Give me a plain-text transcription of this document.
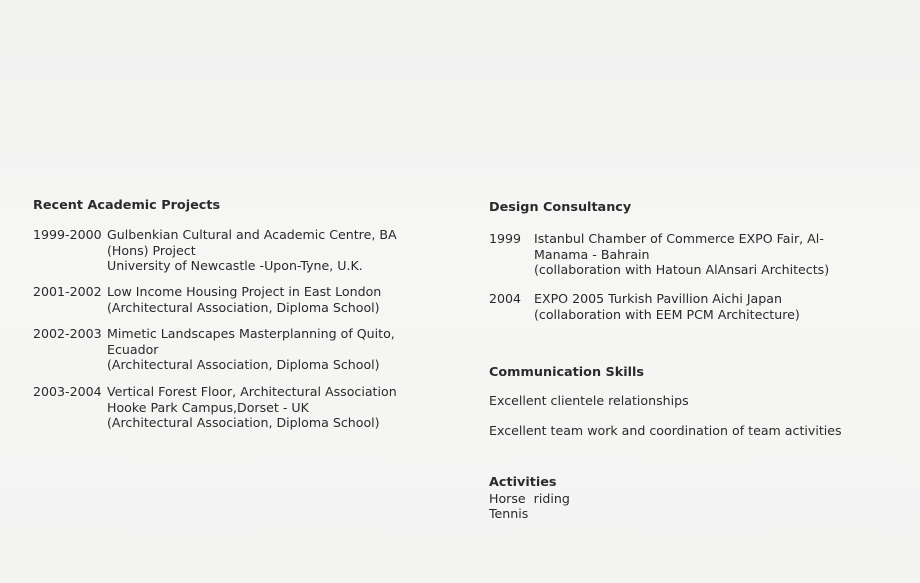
Recent Academic Projects
1999-2000 Gulbenkian Cultural and Academic Centre, BA
(Hons) Project
University of Newcastle -Upon-Tyne, U.K.
2001-2002 Low Income Housing Project in East London
(Architectural Association, Diploma School)
2002-2003 Mimetic Landscapes Masterplanning of Quito,
Ecuador
(Architectural Association, Diploma School)
2003-2004 Vertical Forest Floor, Architectural Association
Hooke Park Campus,Dorset - UK
(Architectural Association, Diploma School)
Design Consultancy
1999	Istanbul Chamber of Commerce EXPO Fair, Al-
Manama - Bahrain
(collaboration with Hatoun AlAnsari Architects)
2004	EXPO 2005 Turkish Pavillion Aichi Japan
(collaboration with EEM PCM Architecture)
Communication Skills
Excellent clientele relationships
Excellent team work and coordination of team activities
Activities
Horse  riding
Tennis
